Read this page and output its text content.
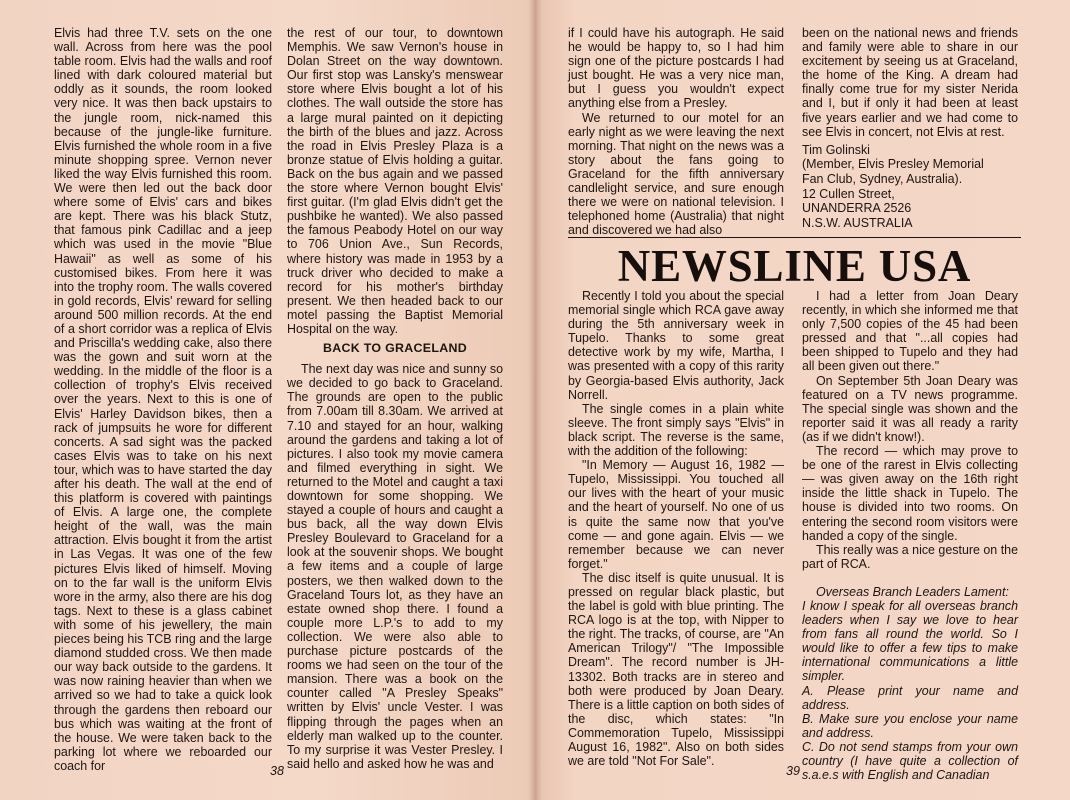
Elvis had three T.V. sets on the one wall. Across from here was the pool table room. Elvis had the walls and roof lined with dark coloured material but oddly as it sounds, the room looked very nice. It was then back upstairs to the jungle room, nick-named this because of the jungle-like furniture. Elvis furnished the whole room in a five minute shopping spree. Vernon never liked the way Elvis furnished this room. We were then led out the back door where some of Elvis' cars and bikes are kept. There was his black Stutz, that famous pink Cadillac and a jeep which was used in the movie "Blue Hawaii" as well as some of his customised bikes. From here it was into the trophy room. The walls covered in gold records, Elvis' reward for selling around 500 million records. At the end of a short corridor was a replica of Elvis and Priscilla's wedding cake, also there was the gown and suit worn at the wedding. In the middle of the floor is a collection of trophy's Elvis received over the years. Next to this is one of Elvis' Harley Davidson bikes, then a rack of jumpsuits he wore for different concerts. A sad sight was the packed cases Elvis was to take on his next tour, which was to have started the day after his death. The wall at the end of this platform is covered with paintings of Elvis. A large one, the complete height of the wall, was the main attraction. Elvis bought it from the artist in Las Vegas. It was one of the few pictures Elvis liked of himself. Moving on to the far wall is the uniform Elvis wore in the army, also there are his dog tags. Next to these is a glass cabinet with some of his jewellery, the main pieces being his TCB ring and the large diamond studded cross. We then made our way back outside to the gardens. It was now raining heavier than when we arrived so we had to take a quick look through the gardens then reboard our bus which was waiting at the front of the house. We were taken back to the parking lot where we reboarded our coach for

the rest of our tour, to downtown Memphis. We saw Vernon's house in Dolan Street on the way downtown. Our first stop was Lansky's menswear store where Elvis bought a lot of his clothes. The wall outside the store has a large mural painted on it depicting the birth of the blues and jazz. Across the road in Elvis Presley Plaza is a bronze statue of Elvis holding a guitar. Back on the bus again and we passed the store where Vernon bought Elvis' first guitar. (I'm glad Elvis didn't get the pushbike he wanted). We also passed the famous Peabody Hotel on our way to 706 Union Ave., Sun Records, where history was made in 1953 by a truck driver who decided to make a record for his mother's birthday present. We then headed back to our motel passing the Baptist Memorial Hospital on the way.

BACK TO GRACELAND

The next day was nice and sunny so we decided to go back to Graceland. The grounds are open to the public from 7.00am till 8.30am. We arrived at 7.10 and stayed for an hour, walking around the gardens and taking a lot of pictures. I also took my movie camera and filmed everything in sight. We returned to the Motel and caught a taxi downtown for some shopping. We stayed a couple of hours and caught a bus back, all the way down Elvis Presley Boulevard to Graceland for a look at the souvenir shops. We bought a few items and a couple of large posters, we then walked down to the Graceland Tours lot, as they have an estate owned shop there. I found a couple more L.P.'s to add to my collection. We were also able to purchase picture postcards of the rooms we had seen on the tour of the mansion. There was a book on the counter called "A Presley Speaks" written by Elvis' uncle Vester. I was flipping through the pages when an elderly man walked up to the counter. To my surprise it was Vester Presley. I said hello and asked how he was and

38

if I could have his autograph. He said he would be happy to, so I had him sign one of the picture postcards I had just bought. He was a very nice man, but I guess you wouldn't expect anything else from a Presley.

We returned to our motel for an early night as we were leaving the next morning. That night on the news was a story about the fans going to Graceland for the fifth anniversary candlelight service, and sure enough there we were on national television. I telephoned home (Australia) that night and discovered we had also

been on the national news and friends and family were able to share in our excitement by seeing us at Graceland, the home of the King. A dream had finally come true for my sister Nerida and I, but if only it had been at least five years earlier and we had come to see Elvis in concert, not Elvis at rest.

Tim Golinski
(Member, Elvis Presley Memorial
Fan Club, Sydney, Australia).
12 Cullen Street,
UNANDERRA 2526
N.S.W. AUSTRALIA

Recently I told you about the special memorial single which RCA gave away during the 5th anniversary week in Tupelo. Thanks to some great detective work by my wife, Martha, I was presented with a copy of this rarity by Georgia-based Elvis authority, Jack Norrell.

The single comes in a plain white sleeve. The front simply says "Elvis" in black script. The reverse is the same, with the addition of the following:

"In Memory — August 16, 1982 — Tupelo, Mississippi. You touched all our lives with the heart of your music and the heart of yourself. No one of us is quite the same now that you've come — and gone again. Elvis — we remember because we can never forget."

The disc itself is quite unusual. It is pressed on regular black plastic, but the label is gold with blue printing. The RCA logo is at the top, with Nipper to the right. The tracks, of course, are "An American Trilogy"/ "The Impossible Dream". The record number is JH-13302. Both tracks are in stereo and both were produced by Joan Deary. There is a little caption on both sides of the disc, which states: "In Commemoration Tupelo, Mississippi August 16, 1982". Also on both sides we are told "Not For Sale".

I had a letter from Joan Deary recently, in which she informed me that only 7,500 copies of the 45 had been pressed and that "...all copies had been shipped to Tupelo and they had all been given out there."

On September 5th Joan Deary was featured on a TV news programme. The special single was shown and the reporter said it was all ready a rarity (as if we didn't know!).

The record — which may prove to be one of the rarest in Elvis collecting — was given away on the 16th right inside the little shack in Tupelo. The house is divided into two rooms. On entering the second room visitors were handed a copy of the single.

This really was a nice gesture on the part of RCA.

Overseas Branch Leaders Lament:

I know I speak for all overseas branch leaders when I say we love to hear from fans all round the world. So I would like to offer a few tips to make international communications a little simpler.

A. Please print your name and address.

B. Make sure you enclose your name and address.

C. Do not send stamps from your own country (I have quite a collection of s.a.e.s with English and Canadian

39
NEWSLINE USA
